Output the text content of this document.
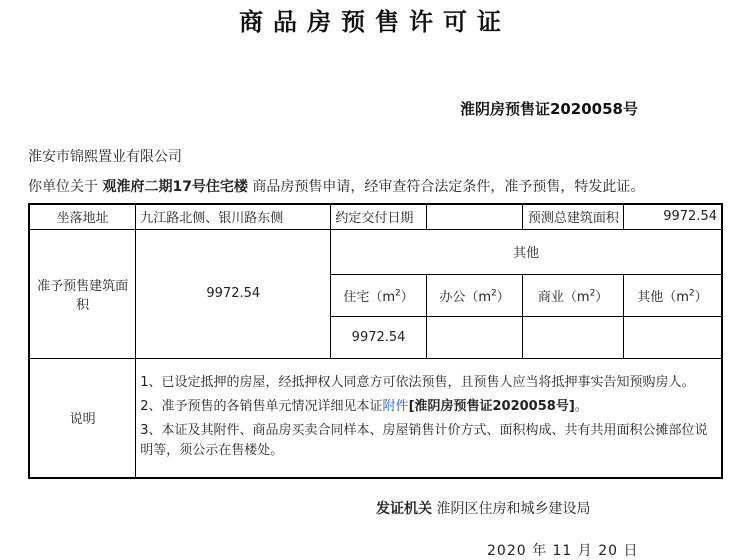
商品房预售许可证
淮阴房预售证2020058号
淮安市锦熙置业有限公司
你单位关于 观淮府二期17号住宅楼 商品房预售申请，经审查符合法定条件，准予预售，特发此证。
坐落地址	九江路北侧、银川路东侧	约定交付日期		预测总建筑面积	9972.54
准予预售建筑面积	9972.54	其他			
		住宅$(m^2)$	办公$(m^2)$	商业$(m^2)$	其他$(m^2)$
		9972.54			
说明	1、已设定抵押的房屋，经抵押权人同意方可依法预售，且预售人应当将抵押事实告知预购房人。

2、准予预售的各销售单元情况详细见本证附件[淮阴房预售证2020058号]。

3、本证及其附件、商品房买卖合同样本、房屋销售计价方式、面积构成、共有共用面积公摊部位说明等，须公示在售楼处。				

发证机关 淮阴区住房和城乡建设局
2020 年 11 月 20 日
